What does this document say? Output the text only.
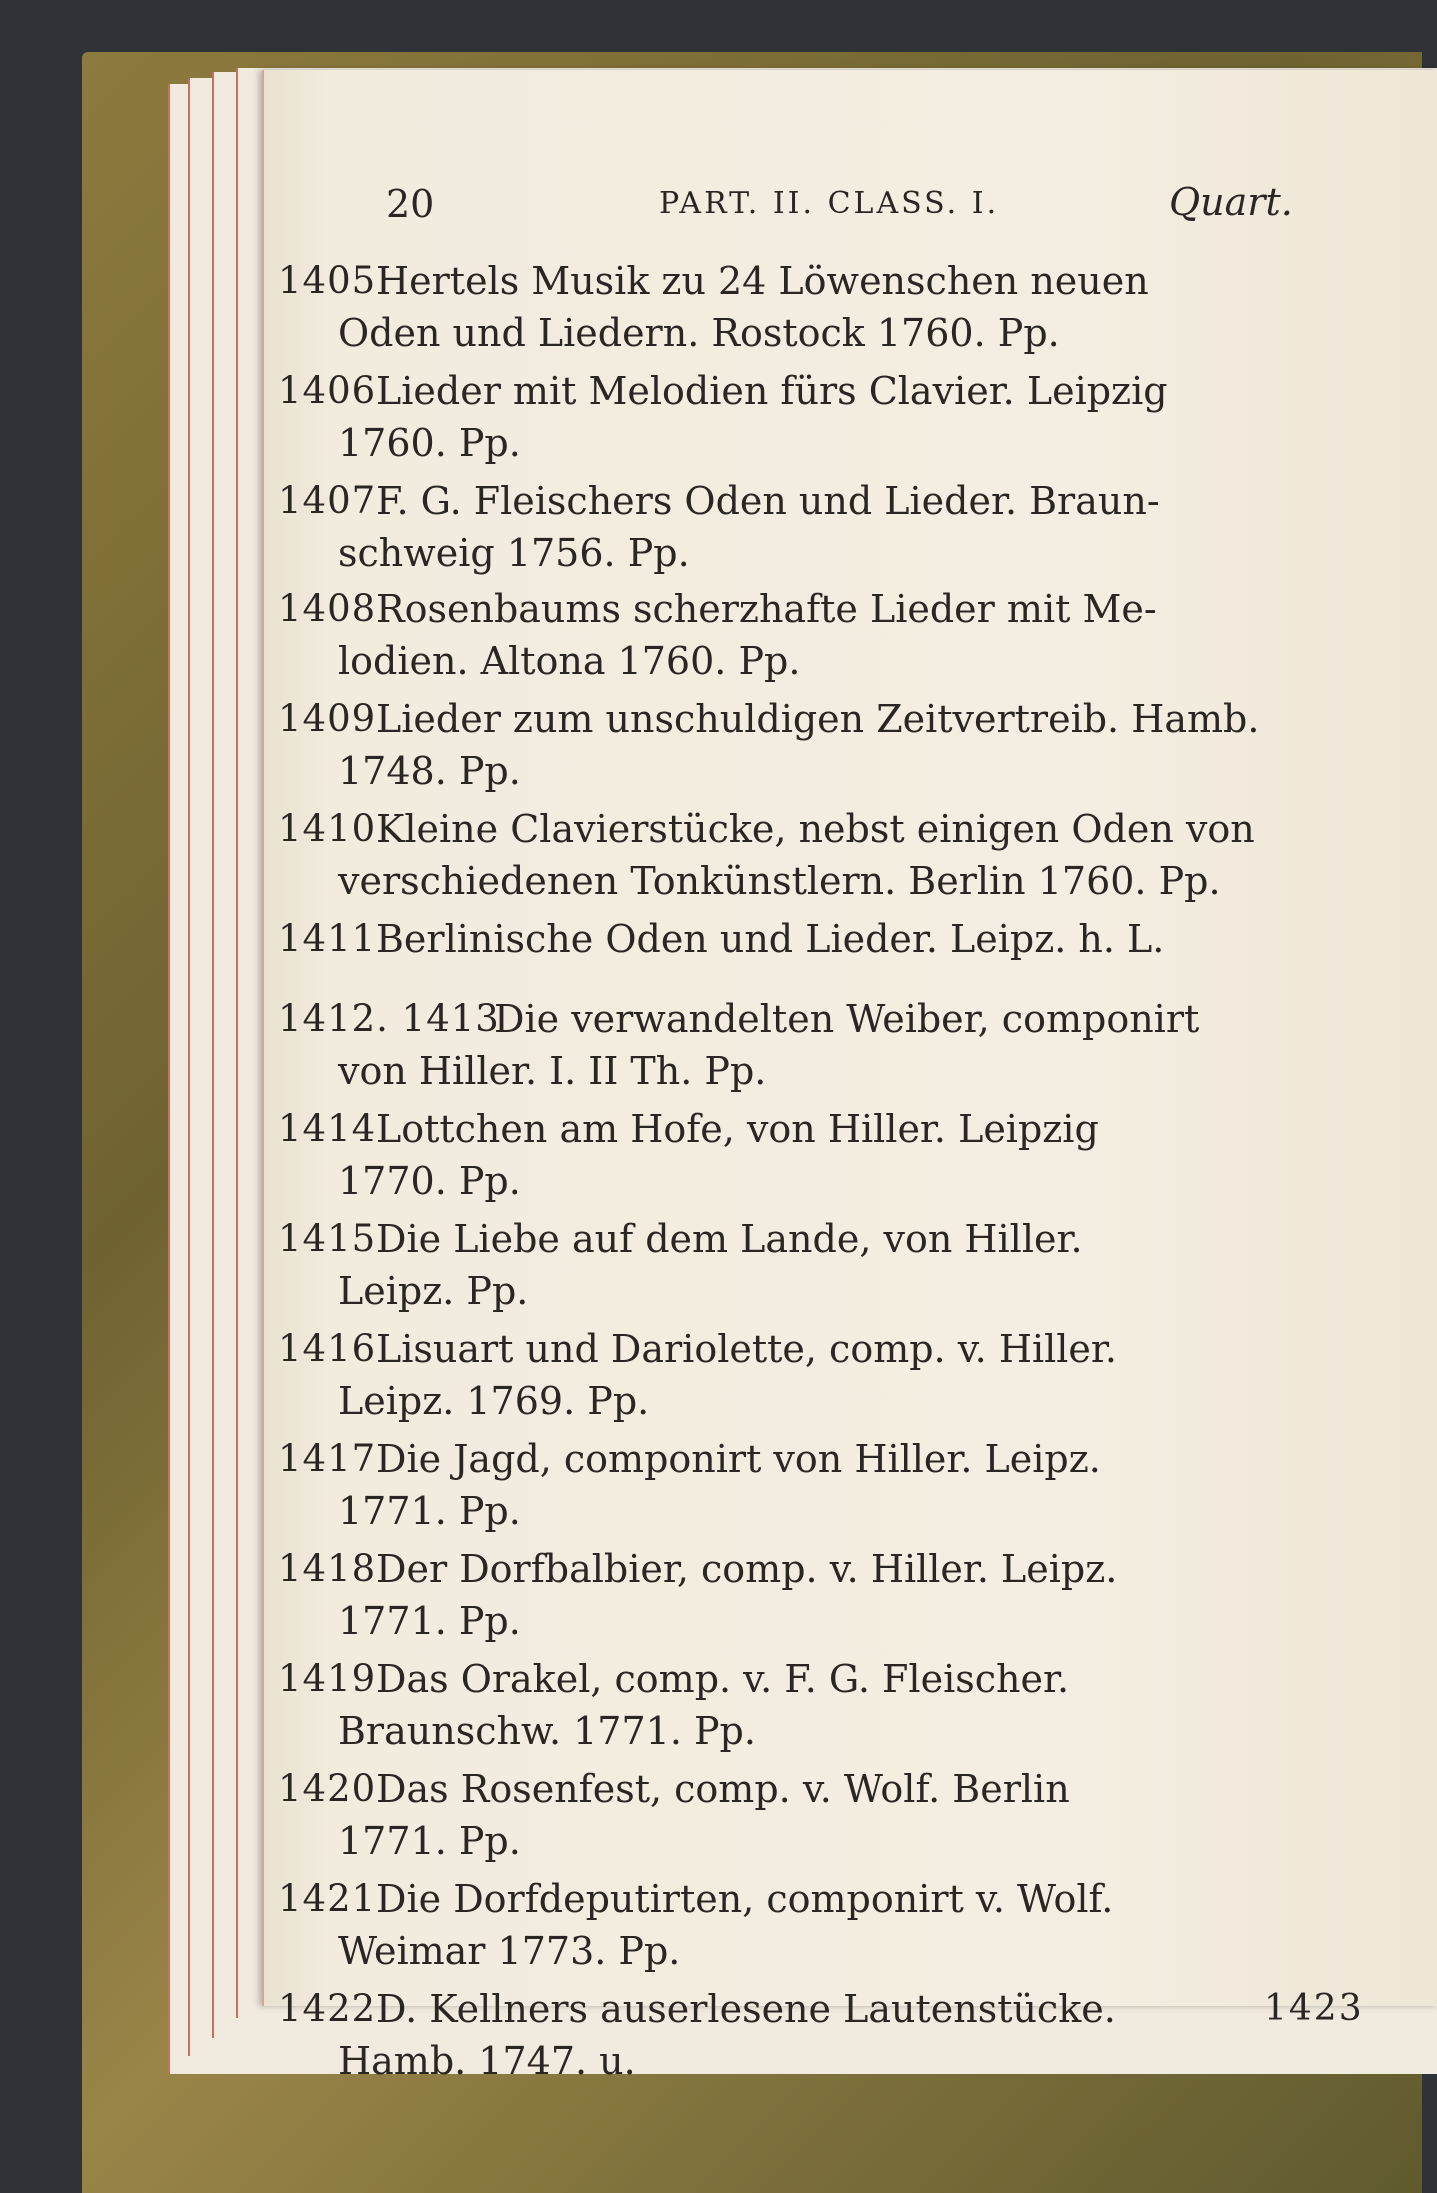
20	PART. II. CLASS. I.	Quart.
1405 Hertels Musik zu 24 Löwenschen neuen
Oden und Liedern. Rostock 1760. Pp.
1406 Lieder mit Melodien fürs Clavier. Leipzig
1760. Pp.
1407 F. G. Fleischers Oden und Lieder. Braun-
schweig 1756. Pp.
1408 Rosenbaums scherzhafte Lieder mit Me-
lodien. Altona 1760. Pp.
1409 Lieder zum unschuldigen Zeitvertreib. Hamb.
1748. Pp.
1410 Kleine Clavierstücke, nebst einigen Oden von
verschiedenen Tonkünstlern. Berlin 1760. Pp.
1411 Berlinische Oden und Lieder. Leipz. h. L.
1412. 1413
Die verwandelten Weiber, componirt
von Hiller. I. II Th. Pp.
1414 Lottchen am Hofe, von Hiller. Leipzig
1770. Pp.
1415 Die Liebe auf dem Lande, von Hiller.
Leipz. Pp.
1416 Lisuart und Dariolette, comp. v. Hiller.
Leipz. 1769. Pp.
1417 Die Jagd, componirt von Hiller. Leipz.
1771. Pp.
1418 Der Dorfbalbier, comp. v. Hiller. Leipz.
1771. Pp.
1419 Das Orakel, comp. v. F. G. Fleischer.
Braunschw. 1771. Pp.
1420 Das Rosenfest, comp. v. Wolf. Berlin
1771. Pp.
1421 Die Dorfdeputirten, componirt v. Wolf.
Weimar 1773. Pp.
1422 D. Kellners auserlesene Lautenstücke.
Hamb. 1747. u.
1423
